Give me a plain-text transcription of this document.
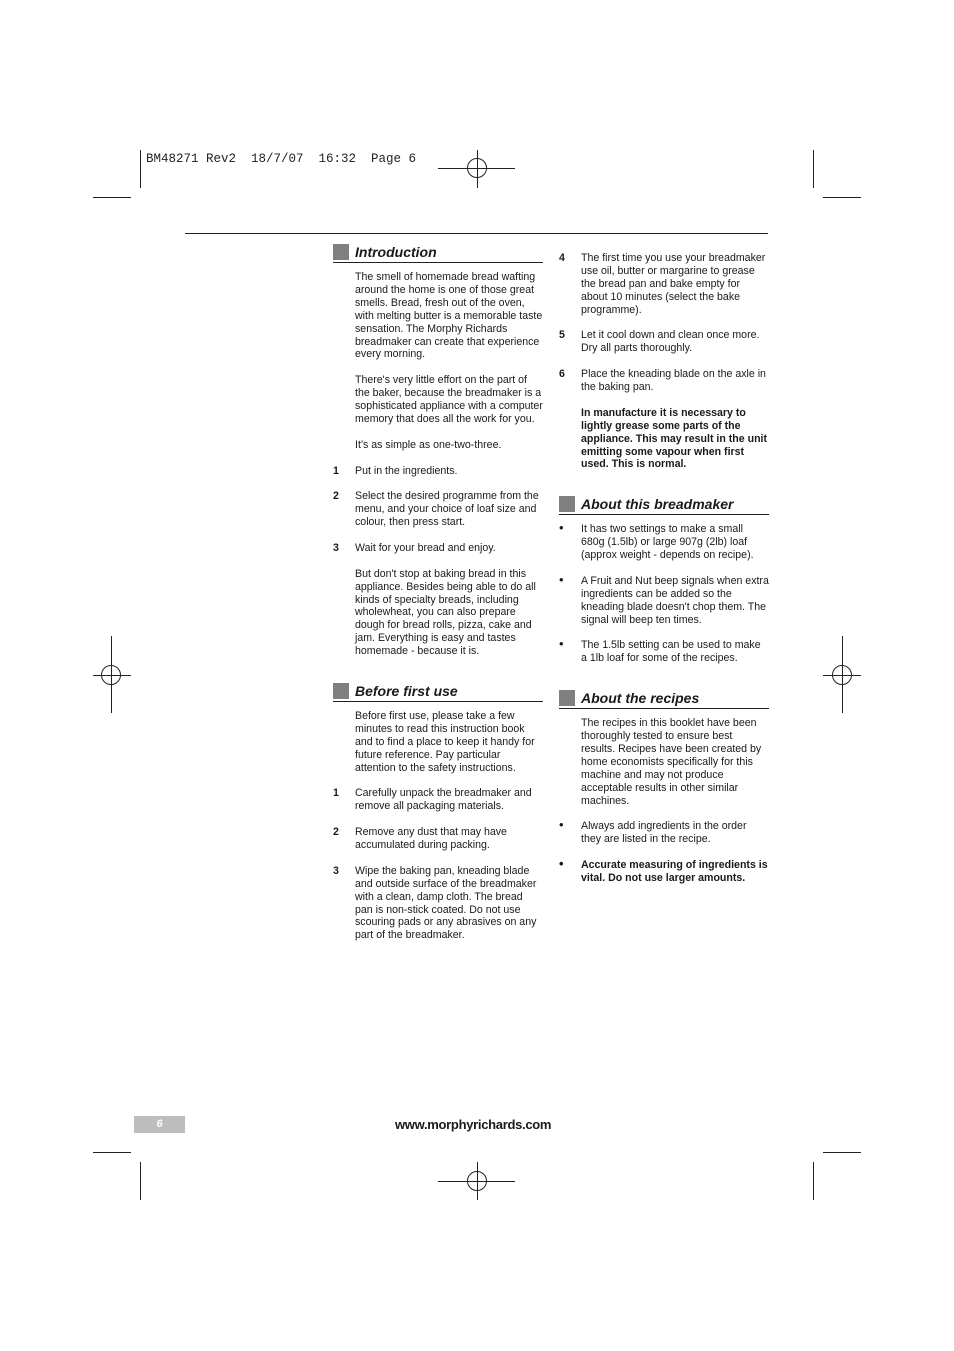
BM48271 Rev2  18/7/07  16:32  Page 6
Introduction
The smell of homemade bread wafting around the home is one of those great smells. Bread, fresh out of the oven, with melting butter is a memorable taste sensation. The Morphy Richards breadmaker can create that experience every morning.
There's very little effort on the part of the baker, because the breadmaker is a sophisticated appliance with a computer memory that does all the work for you.
It’s as simple as one-two-three.
1 Put in the ingredients.
2 Select the desired programme from the menu, and your choice of loaf size and colour, then press start.
3 Wait for your bread and enjoy.
But don't stop at baking bread in this appliance. Besides being able to do all kinds of specialty breads, including wholewheat, you can also prepare dough for bread rolls, pizza, cake and jam. Everything is easy and tastes homemade - because it is.
Before first use
Before first use, please take a few minutes to read this instruction book and to find a place to keep it handy for future reference. Pay particular attention to the safety instructions.
1 Carefully unpack the breadmaker and remove all packaging materials.
2 Remove any dust that may have accumulated during packing.
3 Wipe the baking pan, kneading blade and outside surface of the breadmaker with a clean, damp cloth. The bread pan is non-stick coated. Do not use scouring pads or any abrasives on any part of the breadmaker.
4 The first time you use your breadmaker use oil, butter or margarine to grease the bread pan and bake empty for about 10 minutes (select the bake programme).
5 Let it cool down and clean once more. Dry all parts thoroughly.
6 Place the kneading blade on the axle in the baking pan.
In manufacture it is necessary to lightly grease some parts of the appliance. This may result in the unit emitting some vapour when first used. This is normal.
About this breadmaker
• It has two settings to make a small 680g (1.5lb) or large 907g (2lb) loaf (approx weight - depends on recipe).
• A Fruit and Nut beep signals when extra ingredients can be added so the kneading blade doesn't chop them. The signal will beep ten times.
• The 1.5lb setting can be used to make a 1lb loaf for some of the recipes.
About the recipes
The recipes in this booklet have been thoroughly tested to ensure best results. Recipes have been created by home economists specifically for this machine and may not produce acceptable results in other similar machines.
• Always add ingredients in the order they are listed in the recipe.
• Accurate measuring of ingredients is vital. Do not use larger amounts.
6	www.morphyrichards.com
